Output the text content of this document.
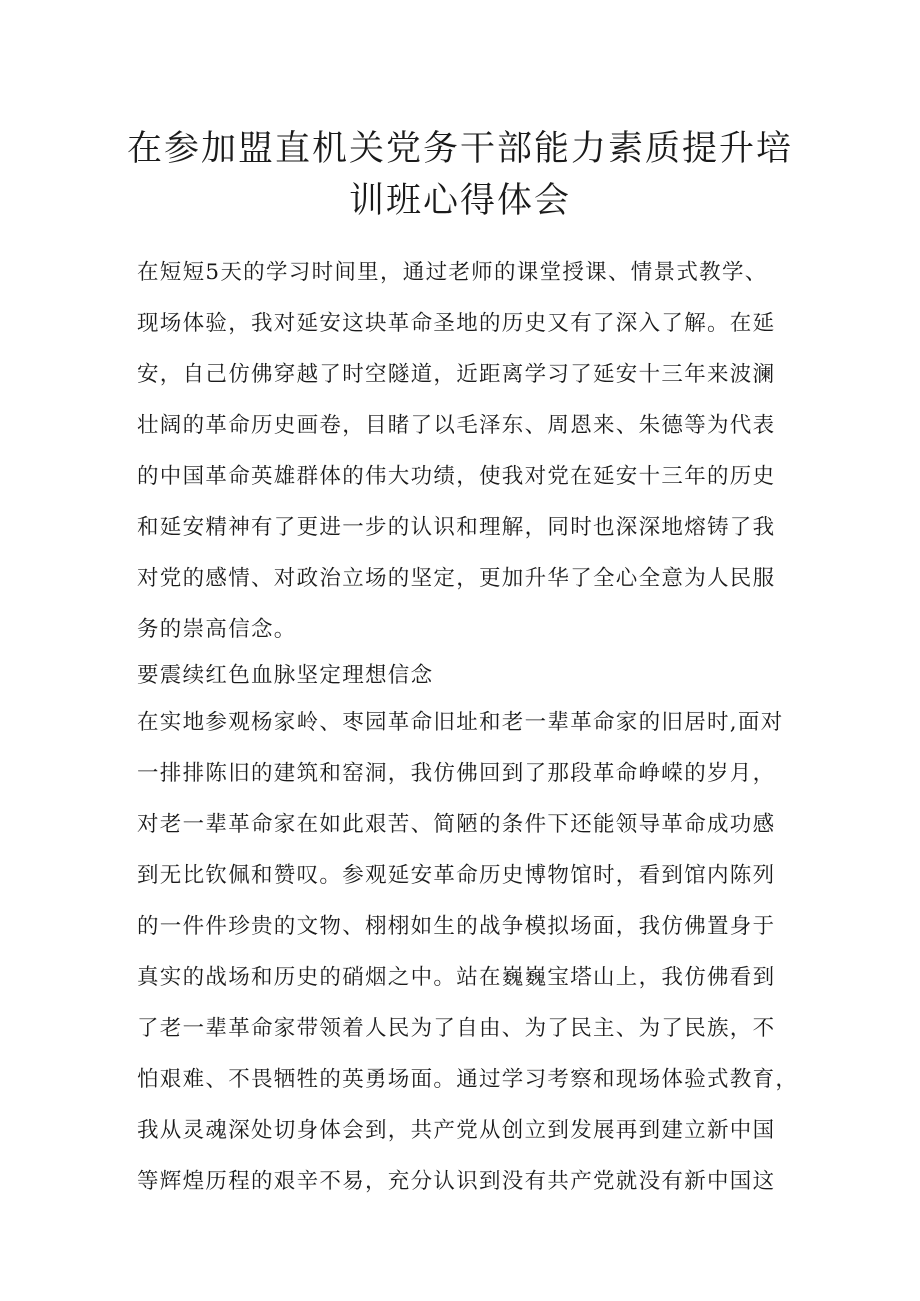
在参加盟直机关党务干部能力素质提升培
训班心得体会
在短短5天的学习时间里，通过老师的课堂授课、情景式教学、
现场体验，我对延安这块革命圣地的历史又有了深入了解。在延
安，自己仿佛穿越了时空隧道，近距离学习了延安十三年来波澜
壮阔的革命历史画卷，目睹了以毛泽东、周恩来、朱德等为代表
的中国革命英雄群体的伟大功绩，使我对党在延安十三年的历史
和延安精神有了更进一步的认识和理解，同时也深深地熔铸了我
对党的感情、对政治立场的坚定，更加升华了全心全意为人民服
务的崇高信念。
要震续红色血脉坚定理想信念
在实地参观杨家岭、枣园革命旧址和老一辈革命家的旧居时,面对
一排排陈旧的建筑和窑洞，我仿佛回到了那段革命峥嵘的岁月，
对老一辈革命家在如此艰苦、简陋的条件下还能领导革命成功感
到无比钦佩和赞叹。参观延安革命历史博物馆时，看到馆内陈列
的一件件珍贵的文物、栩栩如生的战争模拟场面，我仿佛置身于
真实的战场和历史的硝烟之中。站在巍巍宝塔山上，我仿佛看到
了老一辈革命家带领着人民为了自由、为了民主、为了民族，不
怕艰难、不畏牺牲的英勇场面。通过学习考察和现场体验式教育，
我从灵魂深处切身体会到，共产党从创立到发展再到建立新中国
等辉煌历程的艰辛不易，充分认识到没有共产党就没有新中国这
